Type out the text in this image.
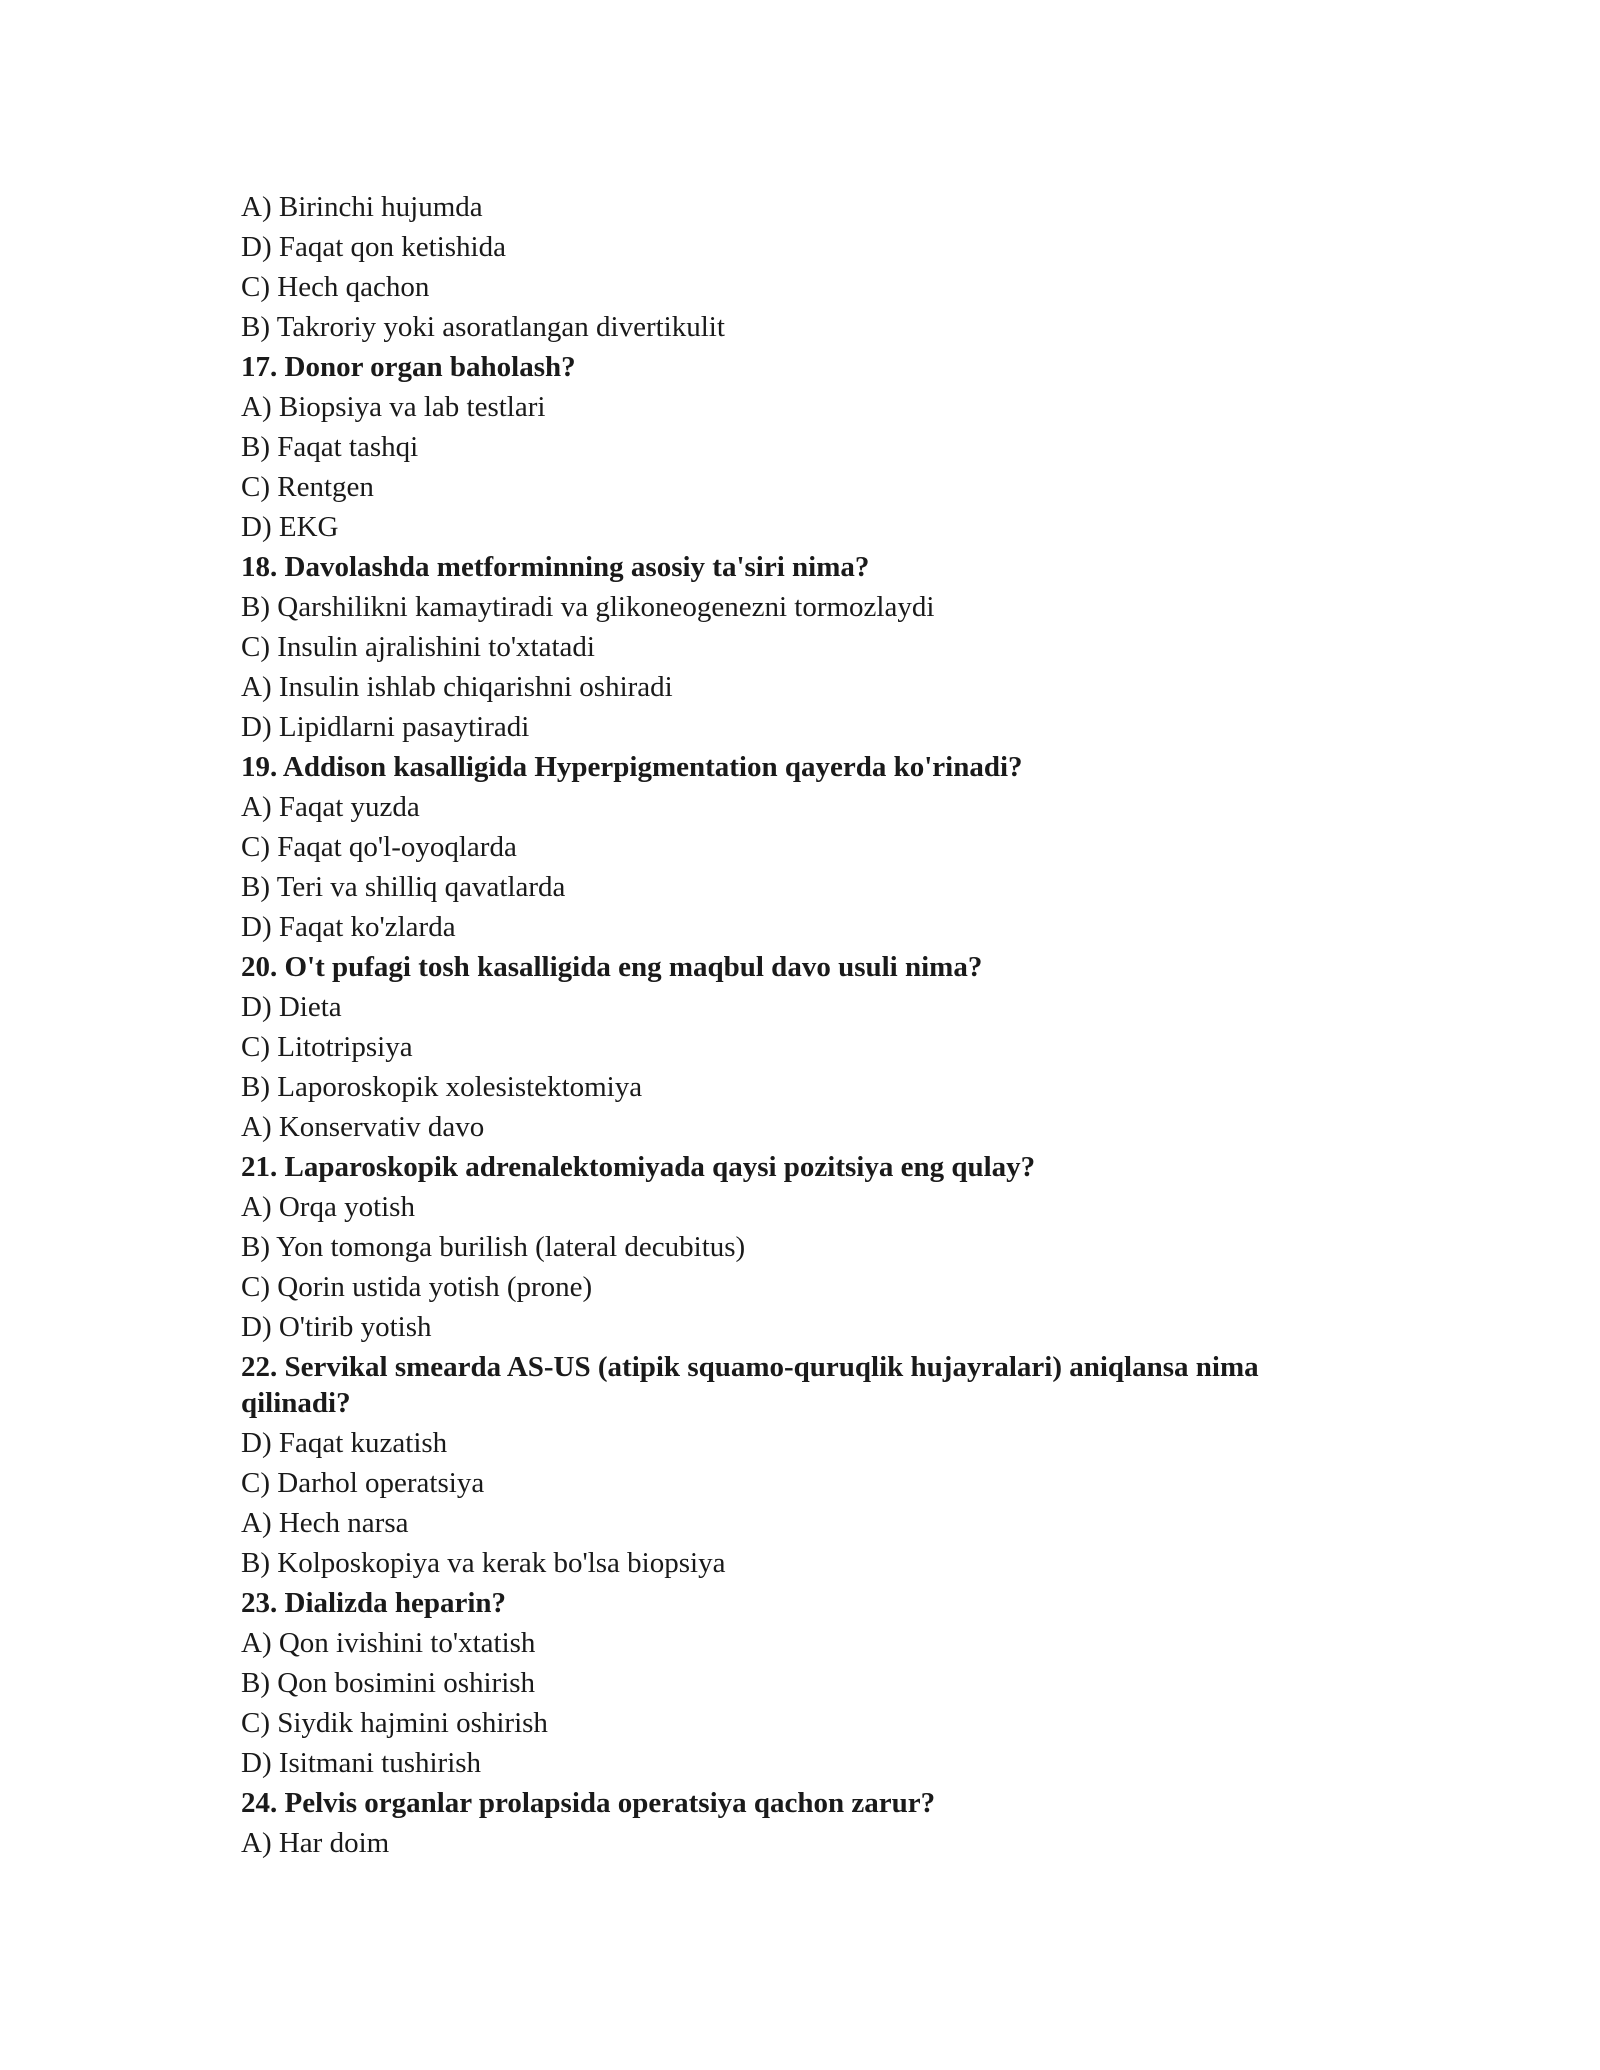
A) Birinchi hujumda

D) Faqat qon ketishida

C) Hech qachon

B) Takroriy yoki asoratlangan divertikulit

17. Donor organ baholash?

A) Biopsiya va lab testlari

B) Faqat tashqi

C) Rentgen

D) EKG

18. Davolashda metforminning asosiy ta'siri nima?

B) Qarshilikni kamaytiradi va glikoneogenezni tormozlaydi

C) Insulin ajralishini to'xtatadi

A) Insulin ishlab chiqarishni oshiradi

D) Lipidlarni pasaytiradi

19. Addison kasalligida Hyperpigmentation qayerda ko'rinadi?

A) Faqat yuzda

C) Faqat qo'l-oyoqlarda

B) Teri va shilliq qavatlarda

D) Faqat ko'zlarda

20. O't pufagi tosh kasalligida eng maqbul davo usuli nima?

D) Dieta

C) Litotripsiya

B) Laporoskopik xolesistektomiya

A) Konservativ davo

21. Laparoskopik adrenalektomiyada qaysi pozitsiya eng qulay?

A) Orqa yotish

B) Yon tomonga burilish (lateral decubitus)

C) Qorin ustida yotish (prone)

D) O'tirib yotish

22. Servikal smearda AS-US (atipik squamo-quruqlik hujayralari) aniqlansa nima qilinadi?

D) Faqat kuzatish

C) Darhol operatsiya

A) Hech narsa

B) Kolposkopiya va kerak bo'lsa biopsiya

23. Dializda heparin?

A) Qon ivishini to'xtatish

B) Qon bosimini oshirish

C) Siydik hajmini oshirish

D) Isitmani tushirish

24. Pelvis organlar prolapsida operatsiya qachon zarur?

A) Har doim
